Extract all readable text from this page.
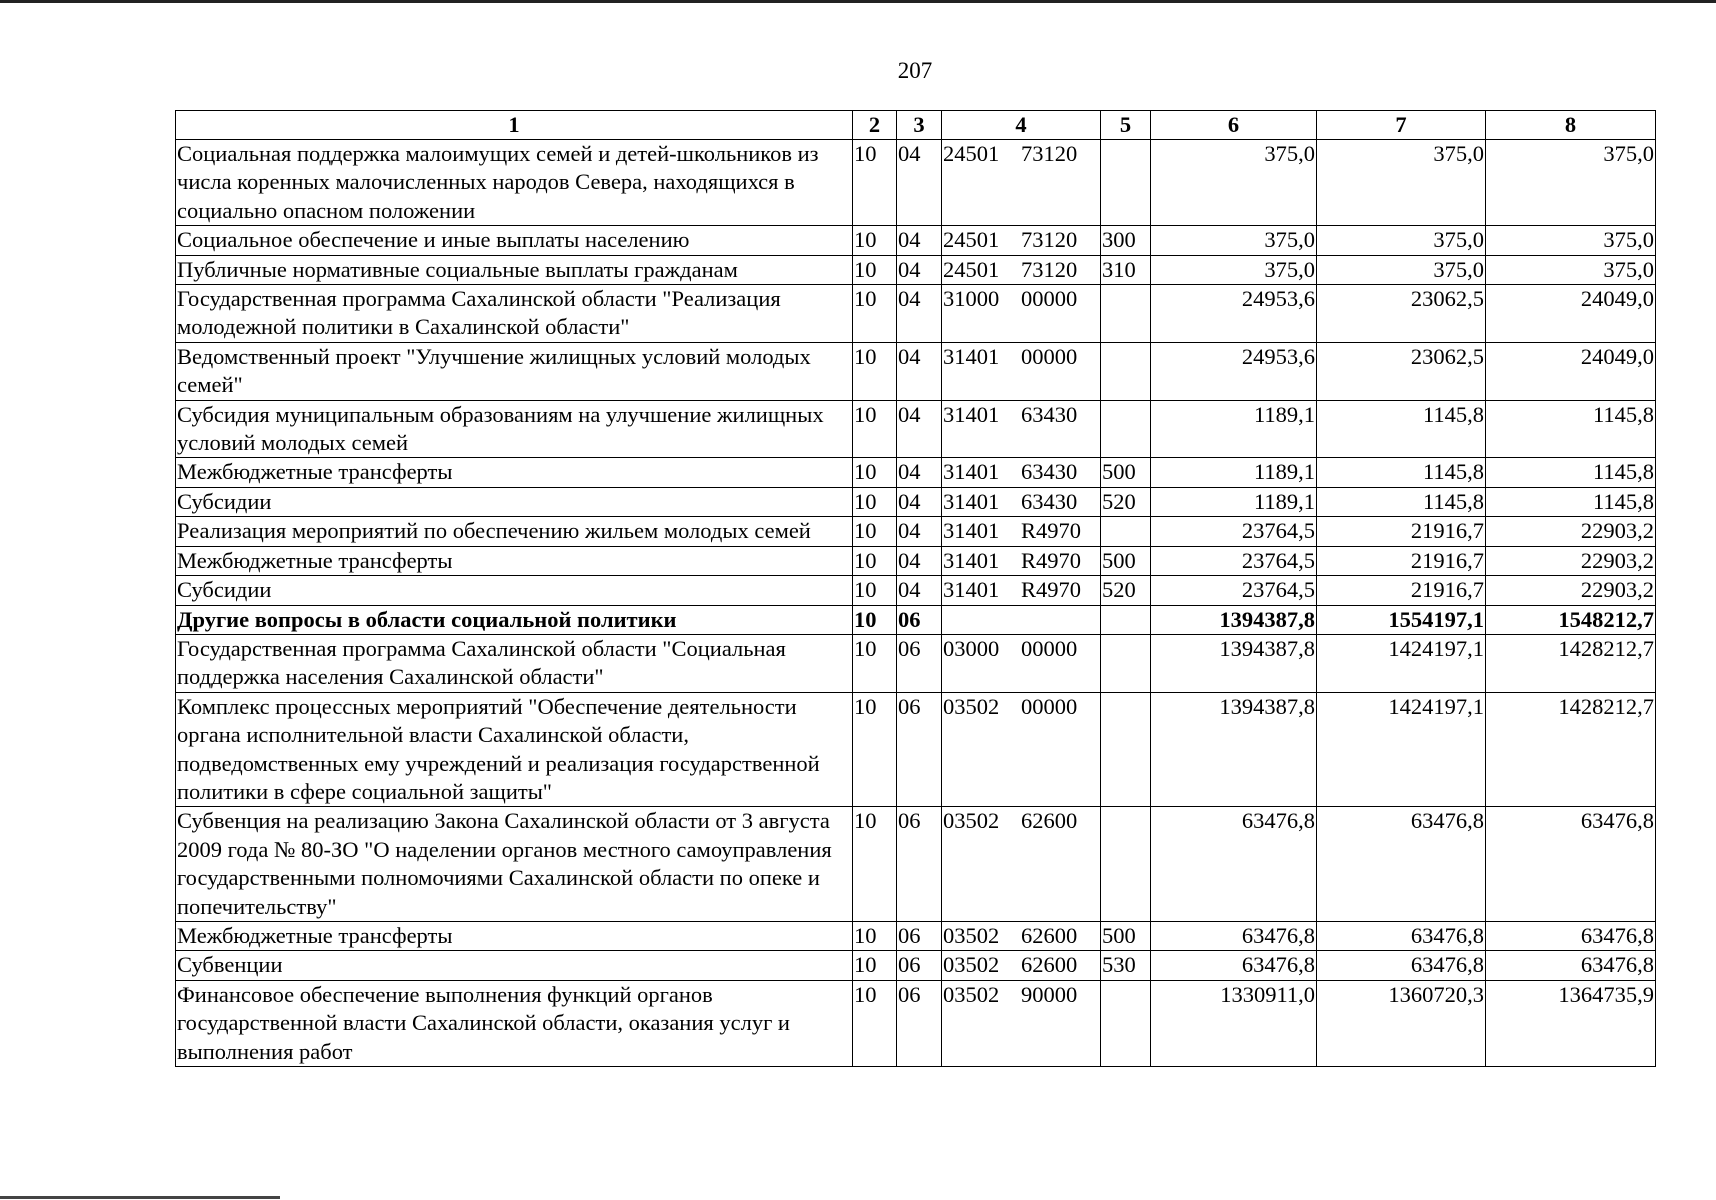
207
1	2	3	4	5	6	7	8
Социальная поддержка малоимущих семей и детей-школьников из числа коренных малочисленных народов Севера, находящихся в социально опасном положении	10	04	24501 73120		375,0	375,0	375,0
Социальное обеспечение и иные выплаты населению	10	04	24501 73120	300	375,0	375,0	375,0
Публичные нормативные социальные выплаты гражданам	10	04	24501 73120	310	375,0	375,0	375,0
Государственная программа Сахалинской области "Реализация молодежной политики в Сахалинской области"	10	04	31000 00000		24953,6	23062,5	24049,0
Ведомственный проект "Улучшение жилищных условий молодых семей"	10	04	31401 00000		24953,6	23062,5	24049,0
Субсидия муниципальным образованиям на улучшение жилищных условий молодых семей	10	04	31401 63430		1189,1	1145,8	1145,8
Межбюджетные трансферты	10	04	31401 63430	500	1189,1	1145,8	1145,8
Субсидии	10	04	31401 63430	520	1189,1	1145,8	1145,8
Реализация мероприятий по обеспечению жильем молодых семей	10	04	31401 R4970		23764,5	21916,7	22903,2
Межбюджетные трансферты	10	04	31401 R4970	500	23764,5	21916,7	22903,2
Субсидии	10	04	31401 R4970	520	23764,5	21916,7	22903,2
Другие вопросы в области социальной политики	10	06			1394387,8	1554197,1	1548212,7
Государственная программа Сахалинской области "Социальная поддержка населения Сахалинской области"	10	06	03000 00000		1394387,8	1424197,1	1428212,7
Комплекс процессных мероприятий "Обеспечение деятельности органа исполнительной власти Сахалинской области, подведомственных ему учреждений и реализация государственной политики в сфере социальной защиты"	10	06	03502 00000		1394387,8	1424197,1	1428212,7
Субвенция на реализацию Закона Сахалинской области от 3 августа 2009 года № 80-ЗО "О наделении органов местного самоуправления государственными полномочиями Сахалинской области по опеке и попечительству"	10	06	03502 62600		63476,8	63476,8	63476,8
Межбюджетные трансферты	10	06	03502 62600	500	63476,8	63476,8	63476,8
Субвенции	10	06	03502 62600	530	63476,8	63476,8	63476,8
Финансовое обеспечение выполнения функций органов государственной власти Сахалинской области, оказания услуг и выполнения работ	10	06	03502 90000		1330911,0	1360720,3	1364735,9
